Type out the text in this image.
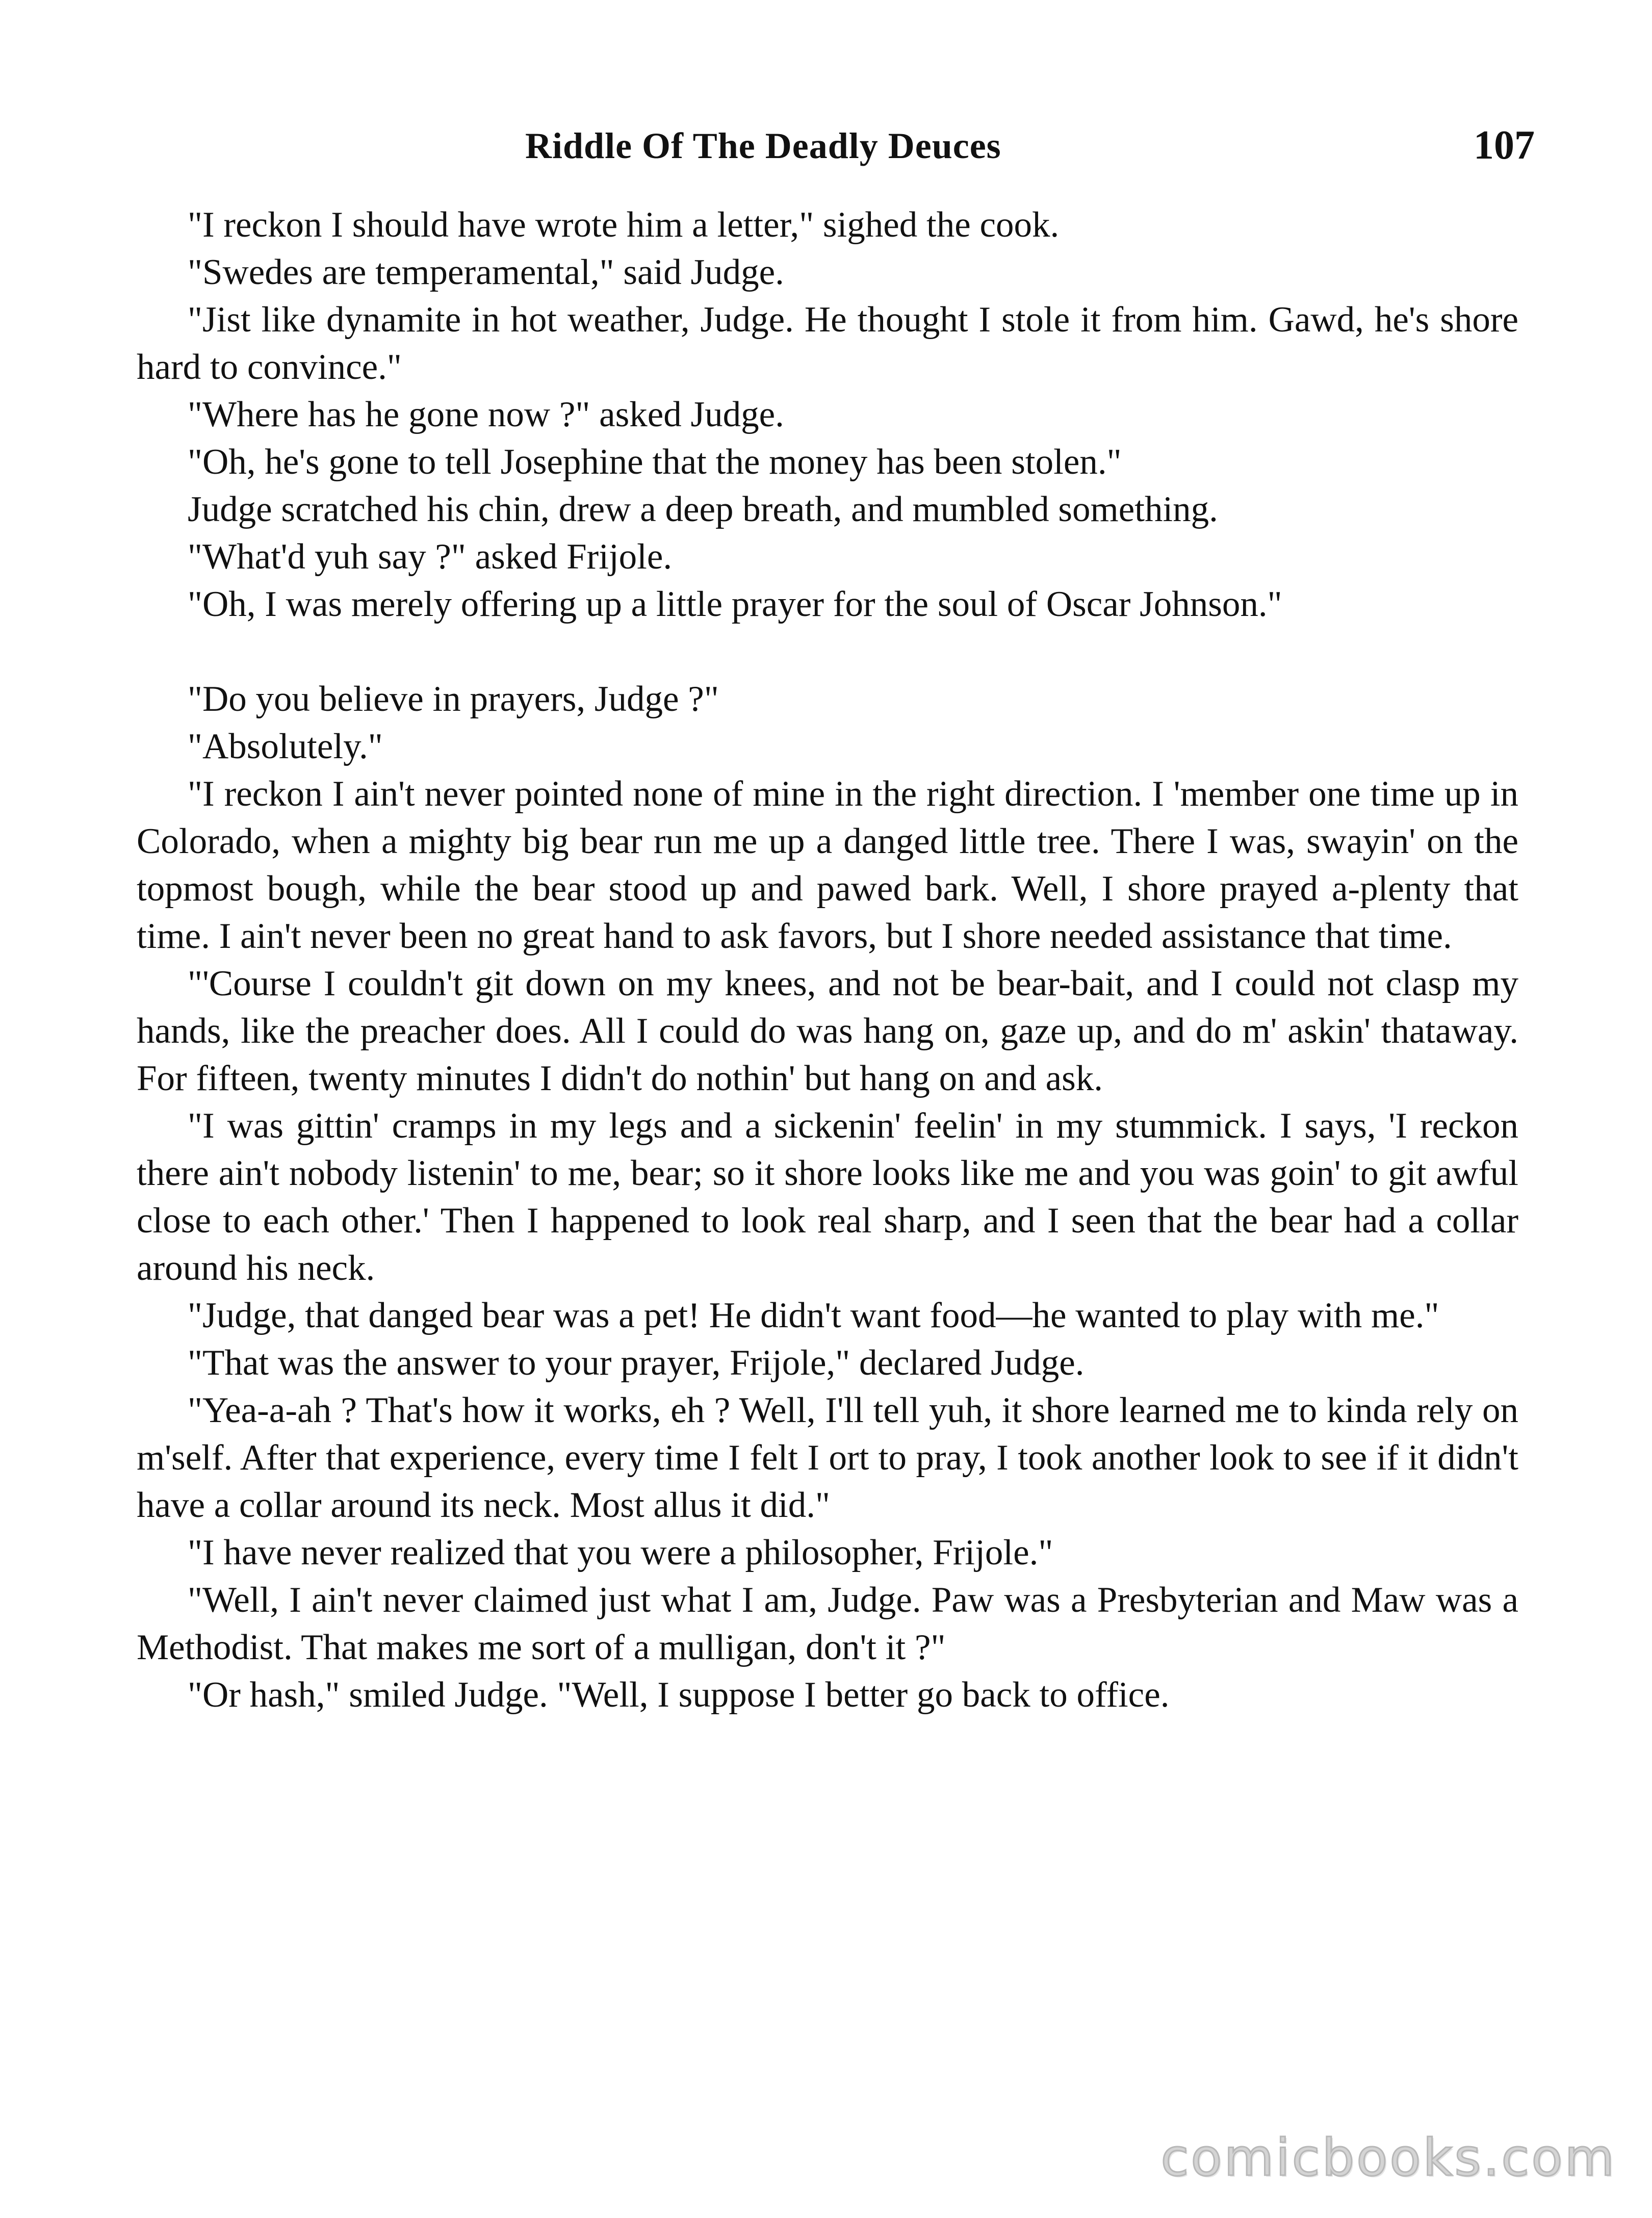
Riddle Of The Deadly Deuces	107

"I reckon I should have wrote him a letter," sighed the cook.

"Swedes are temperamental," said Judge.

"Jist like dynamite in hot weather, Judge. He thought I stole it from him. Gawd, he's shore hard to convince."

"Where has he gone now ?" asked Judge.

"Oh, he's gone to tell Josephine that the money has been stolen."

Judge scratched his chin, drew a deep breath, and mumbled something.

"What'd yuh say ?" asked Frijole.

"Oh, I was merely offering up a little prayer for the soul of Oscar Johnson."

"Do you believe in prayers, Judge ?"

"Absolutely."

"I reckon I ain't never pointed none of mine in the right direction. I 'member one time up in Colorado, when a mighty big bear run me up a danged little tree. There I was, swayin' on the topmost bough, while the bear stood up and pawed bark. Well, I shore prayed a-plenty that time. I ain't never been no great hand to ask favors, but I shore needed assistance that time.

"'Course I couldn't git down on my knees, and not be bear-bait, and I could not clasp my hands, like the preacher does. All I could do was hang on, gaze up, and do m' askin' thataway. For fifteen, twenty minutes I didn't do nothin' but hang on and ask.

"I was gittin' cramps in my legs and a sickenin' feelin' in my stummick. I says, 'I reckon there ain't nobody listenin' to me, bear; so it shore looks like me and you was goin' to git awful close to each other.' Then I happened to look real sharp, and I seen that the bear had a collar around his neck.

"Judge, that danged bear was a pet! He didn't want food—he wanted to play with me."

"That was the answer to your prayer, Frijole," declared Judge.

"Yea-a-ah ? That's how it works, eh ? Well, I'll tell yuh, it shore learned me to kinda rely on m'self. After that experience, every time I felt I ort to pray, I took another look to see if it didn't have a collar around its neck. Most allus it did."

"I have never realized that you were a philosopher, Frijole."

"Well, I ain't never claimed just what I am, Judge. Paw was a Presbyterian and Maw was a Methodist. That makes me sort of a mulligan, don't it ?"

"Or hash," smiled Judge. "Well, I suppose I better go back to office.

comicbooks.com
